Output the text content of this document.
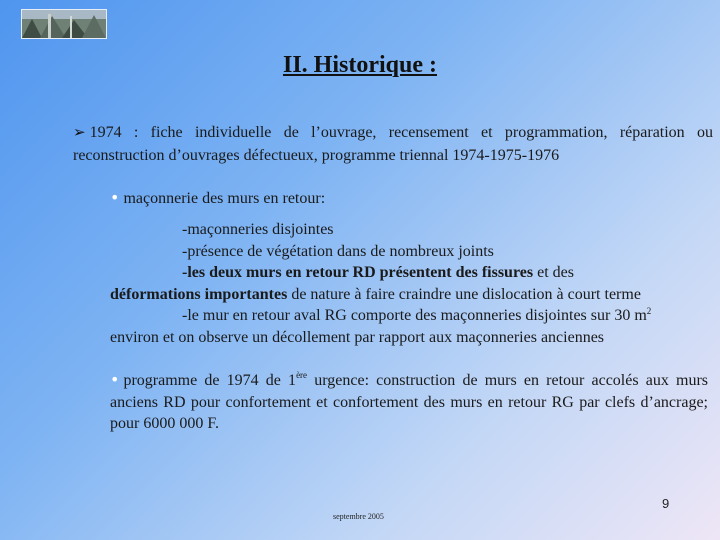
II. Historique :
➢ 1974 : fiche individuelle de l’ouvrage, recensement et programmation, réparation ou reconstruction d’ouvrages défectueux, programme triennal 1974-1975-1976
• maçonnerie des murs en retour:
-maçonneries disjointes
-présence de végétation dans de nombreux joints
-les deux murs en retour RD présentent des fissures et des
déformations importantes de nature à faire craindre une dislocation à court terme
-le mur en retour aval RG comporte des maçonneries disjointes sur 30 $m^2$
environ et on observe un décollement par rapport aux maçonneries anciennes
• programme de 1974 de 1ère urgence: construction de murs en retour accolés aux murs anciens RD pour confortement et confortement des murs en retour RG par clefs d’ancrage; pour 6000 000 F.
9
septembre 2005
